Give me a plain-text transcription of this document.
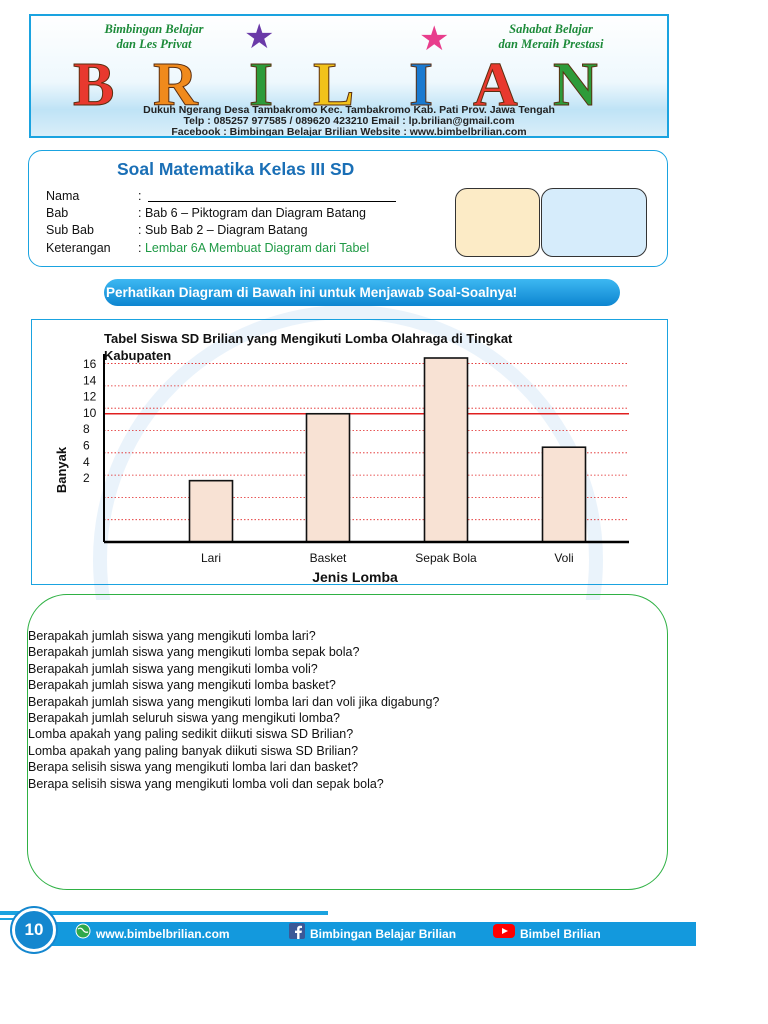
Bimbingan Belajar
dan Les Privat
Sahabat Belajar
dan Meraih Prestasi
★	★
B R I L I A N
Dukuh Ngerang Desa Tambakromo Kec. Tambakromo Kab. Pati Prov. Jawa Tengah
Telp : 085257 977585 / 089620 423210 Email : lp.brilian@gmail.com
Facebook : Bimbingan Belajar Brilian Website : www.bimbelbrilian.com
Soal Matematika Kelas III SD
Nama	:
Bab	: Bab 6 – Piktogram dan Diagram Batang
Sub Bab	: Sub Bab 2 – Diagram Batang
Keterangan : Lembar 6A Membuat Diagram dari Tabel
Perhatikan Diagram di Bawah ini untuk Menjawab Soal-Soalnya!
2
4
6
8
10
12
14
16
Lari	Basket	Sepak Bola	Voli
Jenis Lomba
Banyak
Tabel Siswa SD Brilian yang Mengikuti Lomba Olahraga di Tingkat
Kabupaten
Berapakah jumlah siswa yang mengikuti lomba lari?
Berapakah jumlah siswa yang mengikuti lomba sepak bola?
Berapakah jumlah siswa yang mengikuti lomba voli?
Berapakah jumlah siswa yang mengikuti lomba basket?
Berapakah jumlah siswa yang mengikuti lomba lari dan voli jika digabung?
Berapakah jumlah seluruh siswa yang mengikuti lomba?
Lomba apakah yang paling sedikit diikuti siswa SD Brilian?
Lomba apakah yang paling banyak diikuti siswa SD Brilian?
Berapa selisih siswa yang mengikuti lomba lari dan basket?
Berapa selisih siswa yang mengikuti lomba voli dan sepak bola?
10	www.bimbelbrilian.com	Bimbingan Belajar Brilian	Bimbel Brilian
